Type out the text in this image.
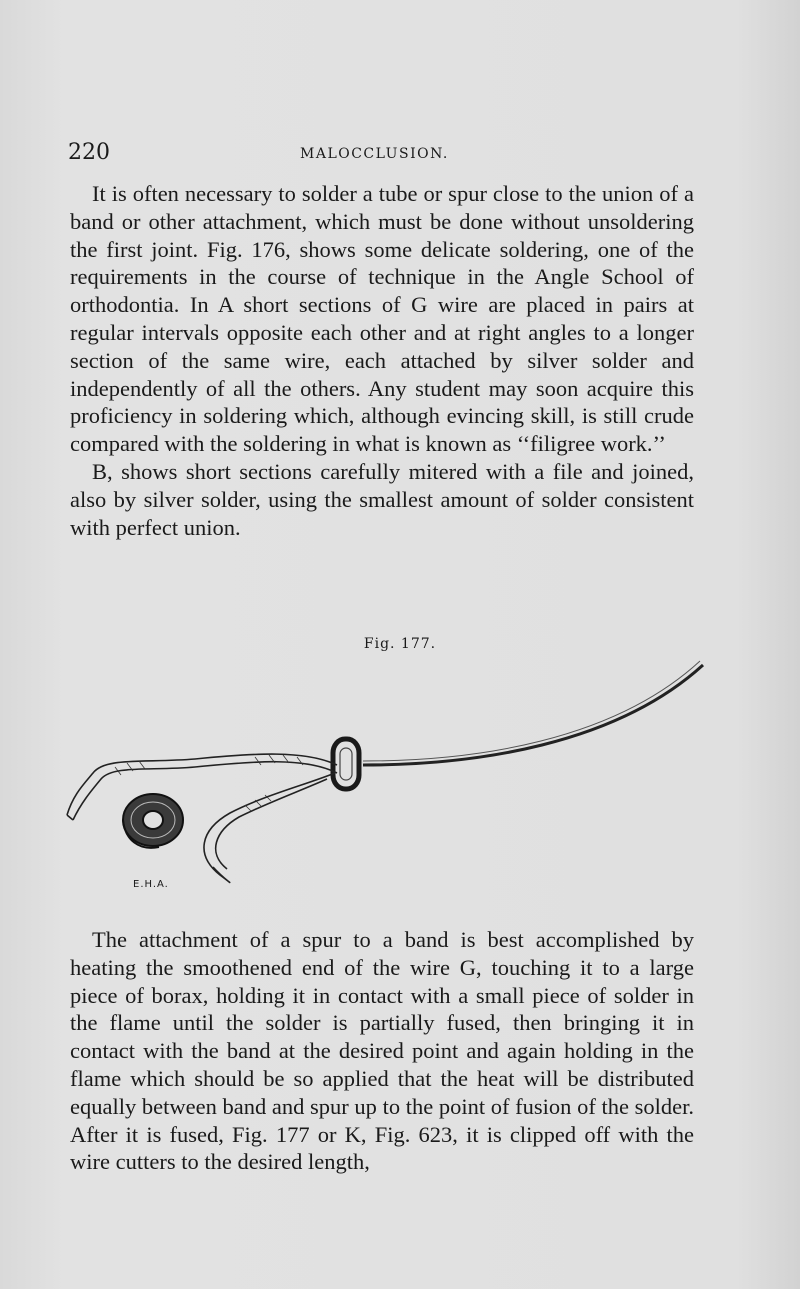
220	MALOCCLUSION.

It is often necessary to solder a tube or spur close to the union of a band or other attachment, which must be done without unsoldering the first joint. Fig. 176, shows some delicate soldering, one of the requirements in the course of technique in the Angle School of orthodontia. In A short sections of G wire are placed in pairs at regular intervals opposite each other and at right angles to a longer section of the same wire, each attached by silver solder and independently of all the others. Any student may soon acquire this proficiency in soldering which, although evincing skill, is still crude compared with the soldering in what is known as ‘‘filigree work.’’

B, shows short sections carefully mitered with a file and joined, also by silver solder, using the smallest amount of solder consistent with perfect union.

Fig. 177.
E.H.A.

The attachment of a spur to a band is best accomplished by heating the smoothened end of the wire G, touching it to a large piece of borax, holding it in contact with a small piece of solder in the flame until the solder is partially fused, then bringing it in contact with the band at the desired point and again holding in the flame which should be so applied that the heat will be distributed equally between band and spur up to the point of fusion of the solder. After it is fused, Fig. 177 or K, Fig. 623, it is clipped off with the wire cutters to the desired length,
